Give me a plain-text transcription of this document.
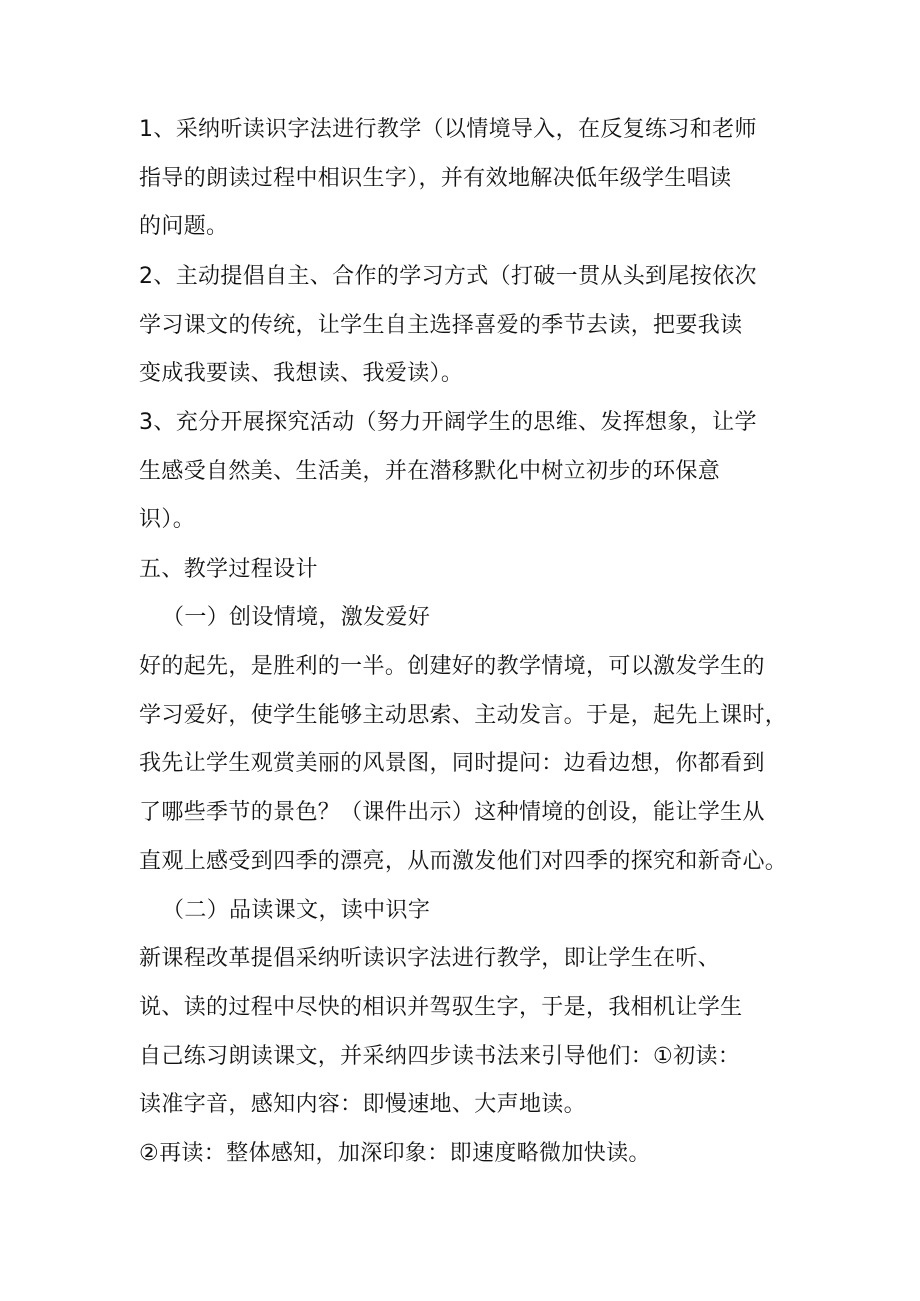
1、采纳听读识字法进行教学（以情境导入，在反复练习和老师
指导的朗读过程中相识生字），并有效地解决低年级学生唱读
的问题。
2、主动提倡自主、合作的学习方式（打破一贯从头到尾按依次
学习课文的传统，让学生自主选择喜爱的季节去读，把要我读
变成我要读、我想读、我爱读）。
3、充分开展探究活动（努力开阔学生的思维、发挥想象，让学
生感受自然美、生活美，并在潜移默化中树立初步的环保意
识）。
五、教学过程设计
（一）创设情境，激发爱好
好的起先，是胜利的一半。创建好的教学情境，可以激发学生的
学习爱好，使学生能够主动思索、主动发言。于是，起先上课时，
我先让学生观赏美丽的风景图，同时提问：边看边想，你都看到
了哪些季节的景色？（课件出示）这种情境的创设，能让学生从
直观上感受到四季的漂亮，从而激发他们对四季的探究和新奇心。
（二）品读课文，读中识字
新课程改革提倡采纳听读识字法进行教学，即让学生在听、
说、读的过程中尽快的相识并驾驭生字，于是，我相机让学生
自己练习朗读课文，并采纳四步读书法来引导他们：①初读：
读准字音，感知内容：即慢速地、大声地读。
②再读：整体感知，加深印象：即速度略微加快读。
